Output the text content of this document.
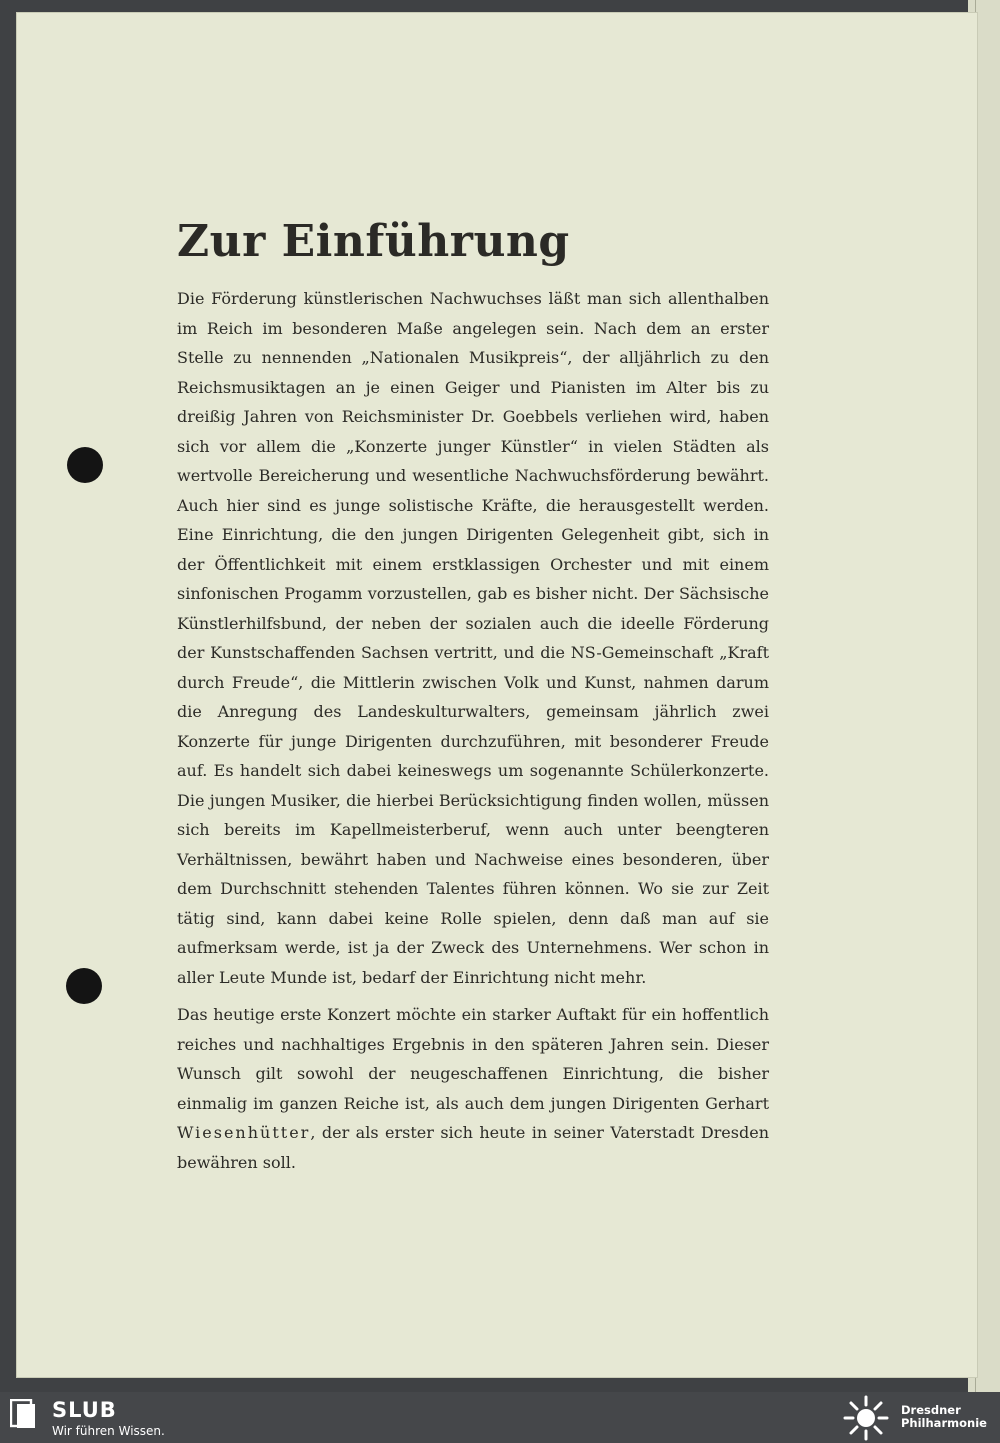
Zur Einführung

Die Förderung künstlerischen Nachwuchses läßt man sich allenthalben im Reich im besonderen Maße angelegen sein. Nach dem an erster Stelle zu nennenden „Nationalen Musikpreis“, der alljährlich zu den Reichsmusiktagen an je einen Geiger und Pianisten im Alter bis zu dreißig Jahren von Reichsminister Dr. Goebbels verliehen wird, haben sich vor allem die „Konzerte junger Künstler“ in vielen Städten als wertvolle Bereicherung und wesentliche Nachwuchsförderung bewährt. Auch hier sind es junge solistische Kräfte, die herausgestellt werden. Eine Einrichtung, die den jungen Dirigenten Gelegenheit gibt, sich in der Öffentlichkeit mit einem erstklassigen Orchester und mit einem sinfonischen Progamm vorzustellen, gab es bisher nicht. Der Sächsische Künstlerhilfsbund, der neben der sozialen auch die ideelle Förderung der Kunstschaffenden Sachsen vertritt, und die NS-Gemeinschaft „Kraft durch Freude“, die Mittlerin zwischen Volk und Kunst, nahmen darum die Anregung des Landeskulturwalters, gemeinsam jährlich zwei Konzerte für junge Dirigenten durchzuführen, mit besonderer Freude auf. Es handelt sich dabei keineswegs um sogenannte Schülerkonzerte. Die jungen Musiker, die hierbei Berücksichtigung finden wollen, müssen sich bereits im Kapellmeisterberuf, wenn auch unter beengteren Verhältnissen, bewährt haben und Nachweise eines besonderen, über dem Durchschnitt stehenden Talentes führen können. Wo sie zur Zeit tätig sind, kann dabei keine Rolle spielen, denn daß man auf sie aufmerksam werde, ist ja der Zweck des Unternehmens. Wer schon in aller Leute Munde ist, bedarf der Einrichtung nicht mehr.

Das heutige erste Konzert möchte ein starker Auftakt für ein hoffentlich reiches und nachhaltiges Ergebnis in den späteren Jahren sein. Dieser Wunsch gilt sowohl der neugeschaffenen Einrichtung, die bisher einmalig im ganzen Reiche ist, als auch dem jungen Dirigenten Gerhart Wiesenhütter, der als erster sich heute in seiner Vaterstadt Dresden bewähren soll.

SLUB
Wir führen Wissen.
Dresdner
Philharmonie
